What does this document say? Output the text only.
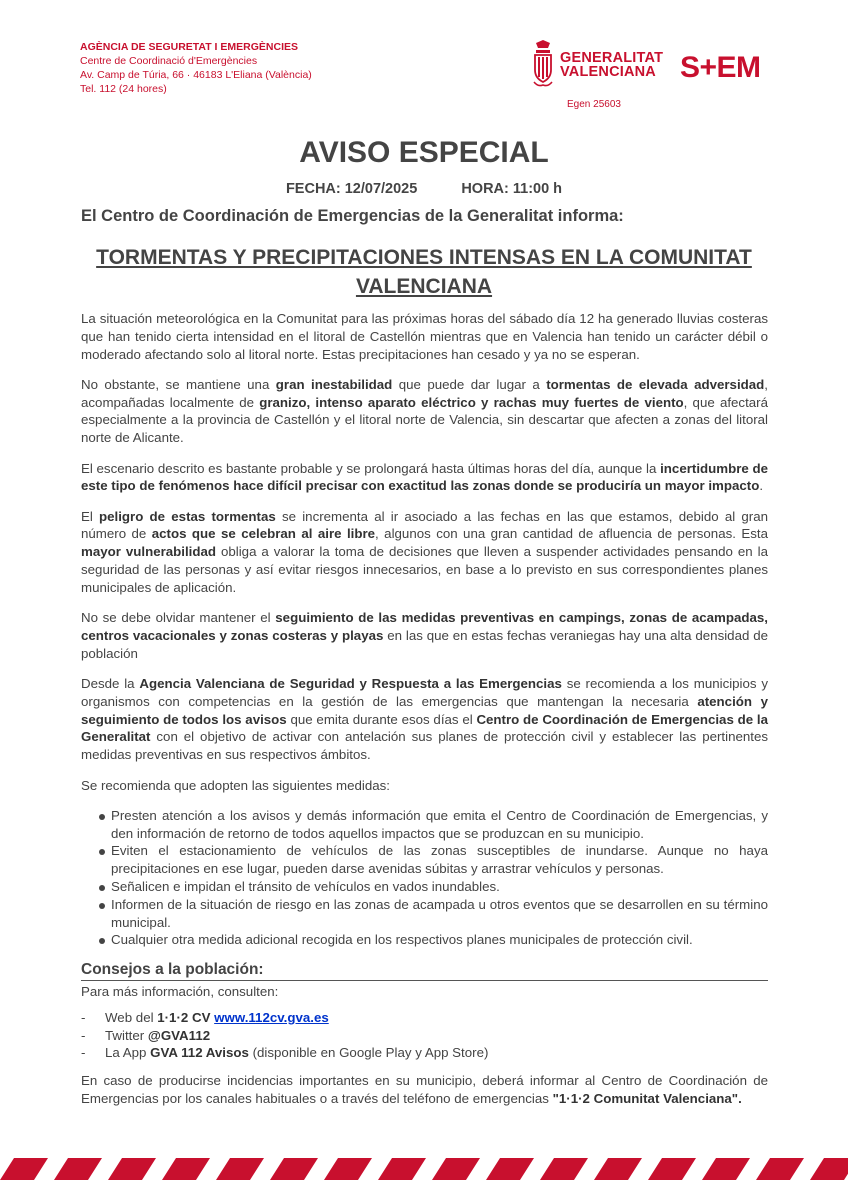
AGÈNCIA DE SEGURETAT I EMERGÈNCIES
Centre de Coordinació d'Emergències
Av. Camp de Túria, 66 · 46183 L'Eliana (València)
Tel. 112 (24 hores)
GENERALITAT
VALENCIANA S+EM
Egen 25603
AVISO ESPECIAL
FECHA: 12/07/2025	HORA: 11:00 h
El Centro de Coordinación de Emergencias de la Generalitat informa:
TORMENTAS Y PRECIPITACIONES INTENSAS EN LA COMUNITAT VALENCIANA

La situación meteorológica en la Comunitat para las próximas horas del sábado día 12 ha generado lluvias costeras que han tenido cierta intensidad en el litoral de Castellón mientras que en Valencia han tenido un carácter débil o moderado afectando solo al litoral norte. Estas precipitaciones han cesado y ya no se esperan.

No obstante, se mantiene una gran inestabilidad que puede dar lugar a tormentas de elevada adversidad, acompañadas localmente de granizo, intenso aparato eléctrico y rachas muy fuertes de viento, que afectará especialmente a la provincia de Castellón y el litoral norte de Valencia, sin descartar que afecten a zonas del litoral norte de Alicante.

El escenario descrito es bastante probable y se prolongará hasta últimas horas del día, aunque la incertidumbre de este tipo de fenómenos hace difícil precisar con exactitud las zonas donde se produciría un mayor impacto.

El peligro de estas tormentas se incrementa al ir asociado a las fechas en las que estamos, debido al gran número de actos que se celebran al aire libre, algunos con una gran cantidad de afluencia de personas. Esta mayor vulnerabilidad obliga a valorar la toma de decisiones que lleven a suspender actividades pensando en la seguridad de las personas y así evitar riesgos innecesarios, en base a lo previsto en sus correspondientes planes municipales de aplicación.

No se debe olvidar mantener el seguimiento de las medidas preventivas en campings, zonas de acampadas, centros vacacionales y zonas costeras y playas en las que en estas fechas veraniegas hay una alta densidad de población

Desde la Agencia Valenciana de Seguridad y Respuesta a las Emergencias se recomienda a los municipios y organismos con competencias en la gestión de las emergencias que mantengan la necesaria atención y seguimiento de todos los avisos que emita durante esos días el Centro de Coordinación de Emergencias de la Generalitat con el objetivo de activar con antelación sus planes de protección civil y establecer las pertinentes medidas preventivas en sus respectivos ámbitos.

Se recomienda que adopten las siguientes medidas:

Presten atención a los avisos y demás información que emita el Centro de Coordinación de Emergencias, y den información de retorno de todos aquellos impactos que se produzcan en su municipio.
Eviten el estacionamiento de vehículos de las zonas susceptibles de inundarse. Aunque no haya precipitaciones en ese lugar, pueden darse avenidas súbitas y arrastrar vehículos y personas.
Señalicen e impidan el tránsito de vehículos en vados inundables.
Informen de la situación de riesgo en las zonas de acampada u otros eventos que se desarrollen en su término municipal.
Cualquier otra medida adicional recogida en los respectivos planes municipales de protección civil.
Consejos a la población:
Para más información, consulten:
- Web del 1·1·2 CV www.112cv.gva.es
- Twitter @GVA112
- La App GVA 112 Avisos (disponible en Google Play y App Store)

En caso de producirse incidencias importantes en su municipio, deberá informar al Centro de Coordinación de Emergencias por los canales habituales o a través del teléfono de emergencias "1·1·2 Comunitat Valenciana".
